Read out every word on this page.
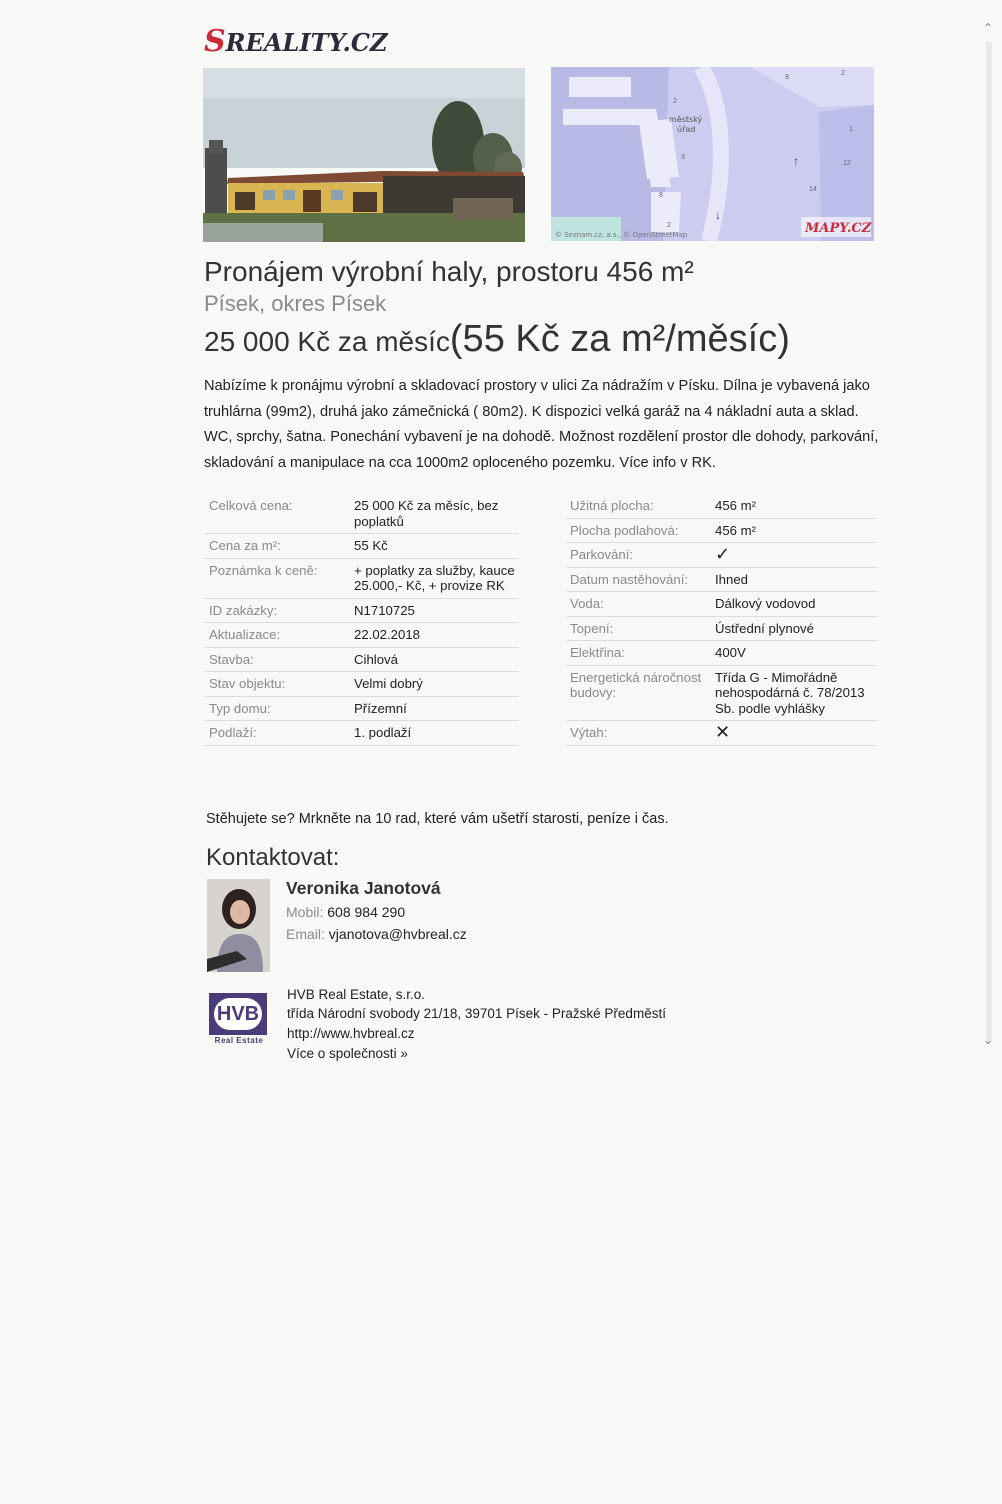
⌃
⌄
SREALITY.CZ
městský
úřad
9
2
1
12
14
3
2
8
2
↑
↓
© Seznam.cz, a.s., © OpenStreetMap	MAPY.CZ
Pronájem výrobní haly, prostoru 456 m²
Písek, okres Písek
25 000 Kč za měsíc(55 Kč za m²/měsíc)
Nabízíme k pronájmu výrobní a skladovací prostory v ulici Za nádražím v Písku. Dílna je vybavená jako truhlárna (99m2), druhá jako zámečnická ( 80m2). K dispozici velká garáž na 4 nákladní auta a sklad. WC, sprchy, šatna. Ponechání vybavení je na dohodě. Možnost rozdělení prostor dle dohody, parkování, skladování a manipulace na cca 1000m2 oploceného pozemku. Více info v RK.
Celková cena:	25 000 Kč za měsíc, bez poplatků
Cena za m²:	55 Kč
Poznámka k ceně:	+ poplatky za služby, kauce 25.000,- Kč, + provize RK
ID zakázky:	N1710725
Aktualizace:	22.02.2018
Stavba:	Cihlová
Stav objektu:	Velmi dobrý
Typ domu:	Přízemní
Podlaží:	1. podlaží
Užitná plocha:	456 m²
Plocha podlahová:	456 m²
Parkování:	✓
Datum nastěhování:	Ihned
Voda:	Dálkový vodovod
Topení:	Ústřední plynové
Elektřina:	400V
Energetická náročnost budovy:
Třída G - Mimořádně nehospodárná č. 78/2013 Sb. podle vyhlášky
Výtah:	✕
Stěhujete se? Mrkněte na 10 rad, které vám ušetří starosti, peníze i čas.
Kontaktovat:
Veronika Janotová
Mobil: 608 984 290
Email: vjanotova@hvbreal.cz
HVB
Real Estate
HVB Real Estate, s.r.o.
třída Národní svobody 21/18, 39701 Písek - Pražské Předměstí
http://www.hvbreal.cz
Více o společnosti »
